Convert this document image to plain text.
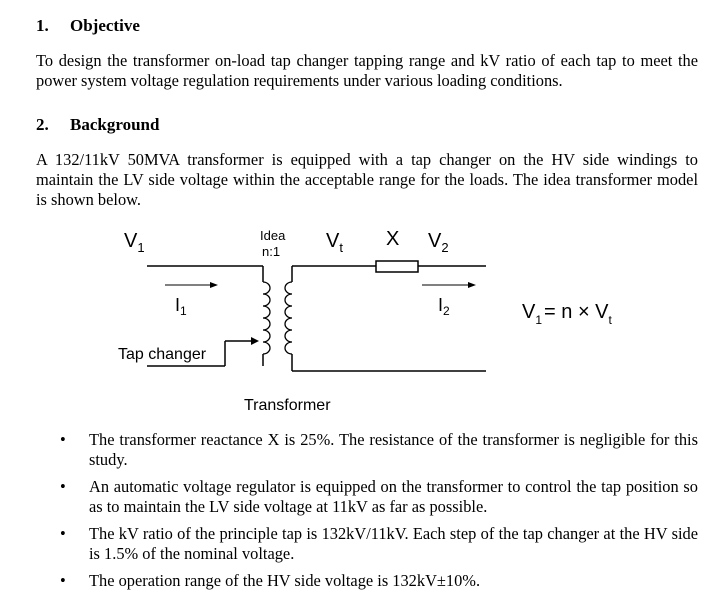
1. Objective
To design the transformer on-load tap changer tapping range and kV ratio of each tap to meet the power system voltage regulation requirements under various loading conditions.
2. Background
A 132/11kV 50MVA transformer is equipped with a tap changer on the HV side windings to maintain the LV side voltage within the acceptable range for the loads. The idea transformer model is shown below.
$V_1$
Idea
n:1 $V_t$ X $V_2$
$I_1$	$I_2$
Tap changer
Transformer
$V_1 = n \times V_t$
• The transformer reactance X is 25%. The resistance of the transformer is negligible for this study.
• An automatic voltage regulator is equipped on the transformer to control the tap position so as to maintain the LV side voltage at 11kV as far as possible.
• The kV ratio of the principle tap is 132kV/11kV. Each step of the tap changer at the HV side is 1.5% of the nominal voltage.
• The operation range of the HV side voltage is 132kV±10%.
